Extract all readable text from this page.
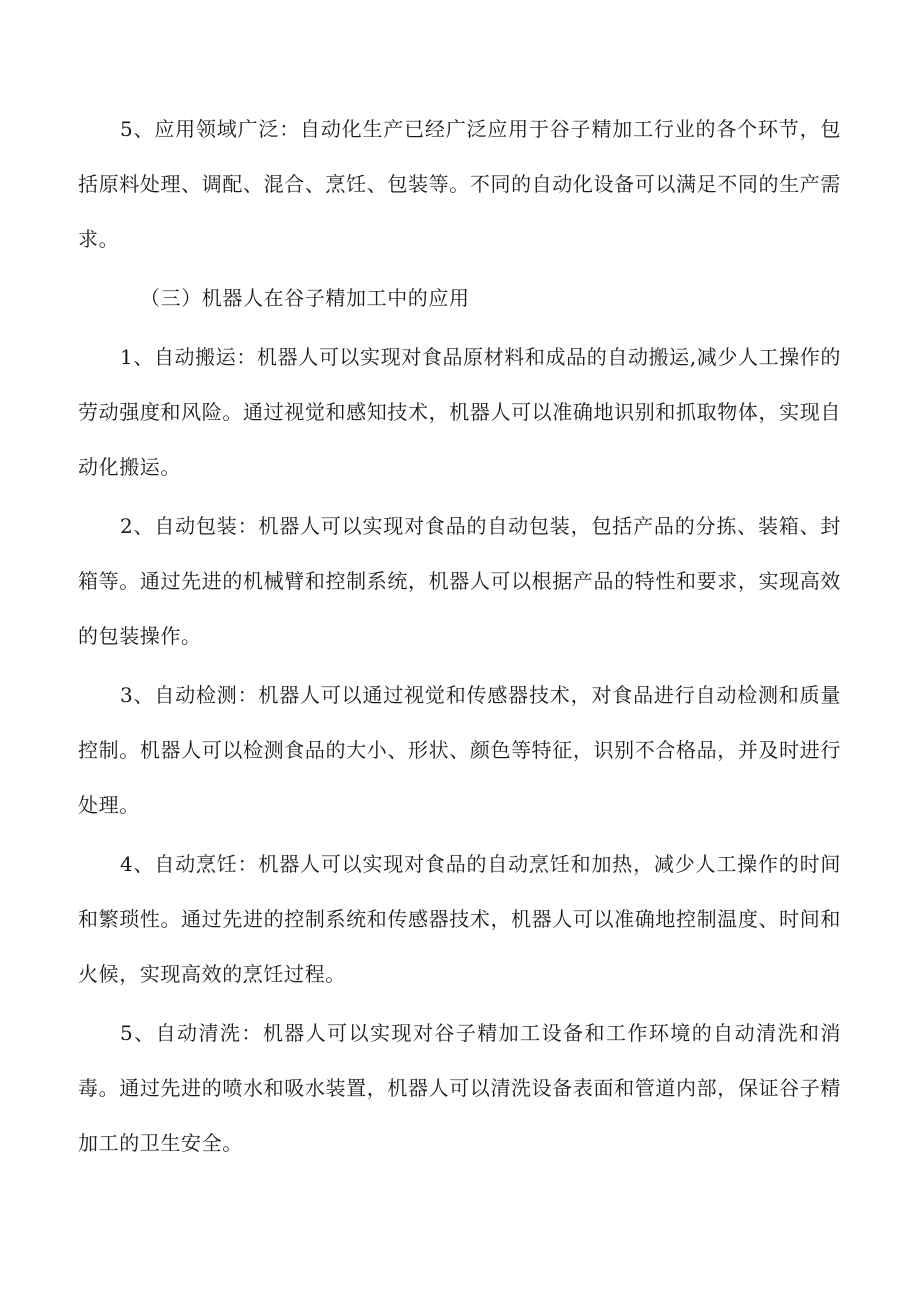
5、应用领域广泛：自动化生产已经广泛应用于谷子精加工行业的各个环节，包括原料处理、调配、混合、烹饪、包装等。不同的自动化设备可以满足不同的生产需求。

（三）机器人在谷子精加工中的应用

1、自动搬运：机器人可以实现对食品原材料和成品的自动搬运,减少人工操作的劳动强度和风险。通过视觉和感知技术，机器人可以准确地识别和抓取物体，实现自动化搬运。

2、自动包装：机器人可以实现对食品的自动包装，包括产品的分拣、装箱、封箱等。通过先进的机械臂和控制系统，机器人可以根据产品的特性和要求，实现高效的包装操作。

3、自动检测：机器人可以通过视觉和传感器技术，对食品进行自动检测和质量控制。机器人可以检测食品的大小、形状、颜色等特征，识别不合格品，并及时进行处理。

4、自动烹饪：机器人可以实现对食品的自动烹饪和加热，减少人工操作的时间和繁琐性。通过先进的控制系统和传感器技术，机器人可以准确地控制温度、时间和火候，实现高效的烹饪过程。

5、自动清洗：机器人可以实现对谷子精加工设备和工作环境的自动清洗和消毒。通过先进的喷水和吸水装置，机器人可以清洗设备表面和管道内部，保证谷子精加工的卫生安全。
